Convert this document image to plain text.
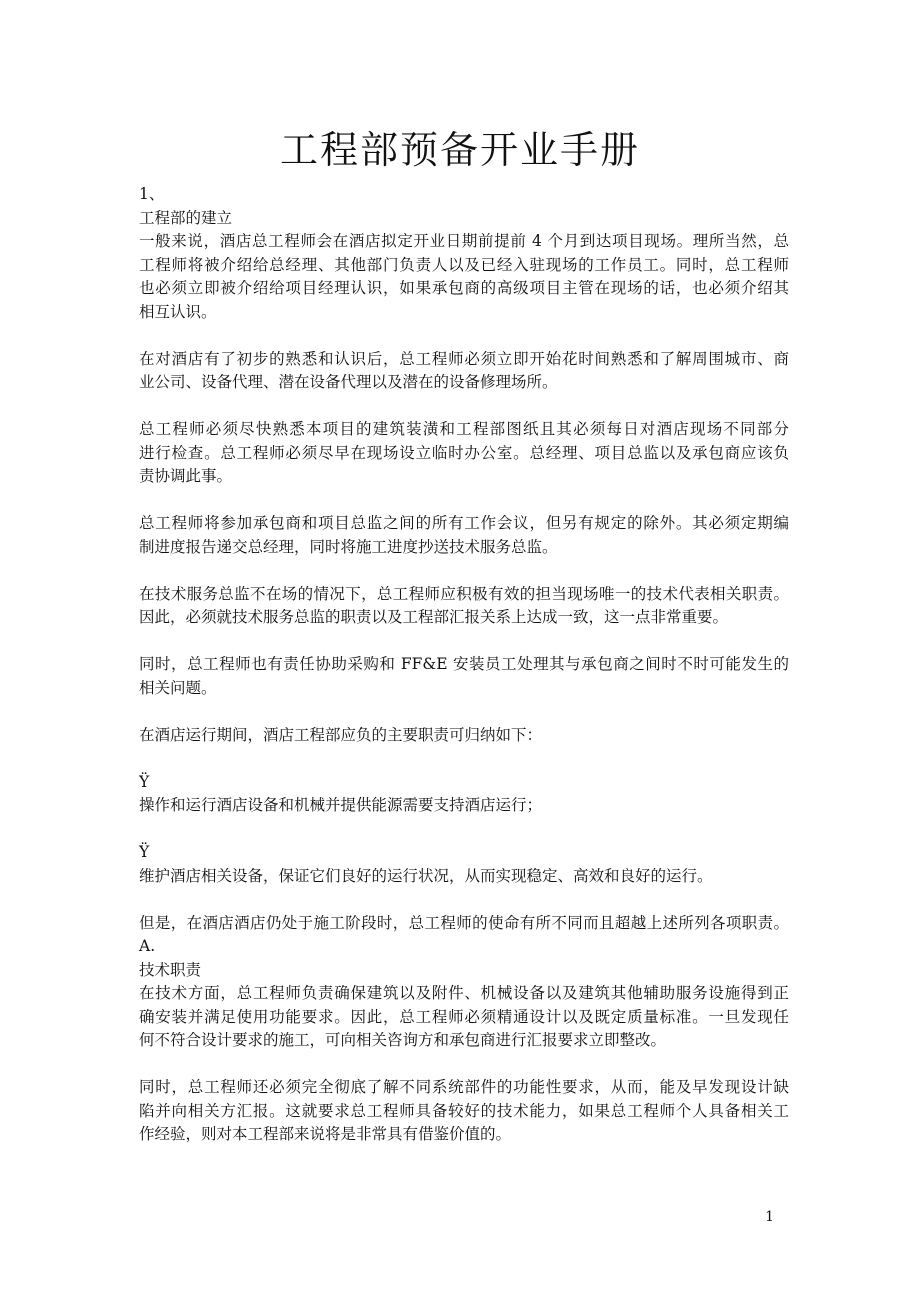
工程部预备开业手册
1、
工程部的建立
一般来说，酒店总工程师会在酒店拟定开业日期前提前 4 个月到达项目现场。理所当然，总
工程师将被介绍给总经理、其他部门负责人以及已经入驻现场的工作员工。同时，总工程师
也必须立即被介绍给项目经理认识，如果承包商的高级项目主管在现场的话，也必须介绍其
相互认识。
在对酒店有了初步的熟悉和认识后，总工程师必须立即开始花时间熟悉和了解周围城市、商
业公司、设备代理、潜在设备代理以及潜在的设备修理场所。
总工程师必须尽快熟悉本项目的建筑装潢和工程部图纸且其必须每日对酒店现场不同部分
进行检查。总工程师必须尽早在现场设立临时办公室。总经理、项目总监以及承包商应该负
责协调此事。
总工程师将参加承包商和项目总监之间的所有工作会议，但另有规定的除外。其必须定期编
制进度报告递交总经理，同时将施工进度抄送技术服务总监。
在技术服务总监不在场的情况下，总工程师应积极有效的担当现场唯一的技术代表相关职责。
因此，必须就技术服务总监的职责以及工程部汇报关系上达成一致，这一点非常重要。
同时，总工程师也有责任协助采购和 FF&E 安装员工处理其与承包商之间时不时可能发生的
相关问题。
在酒店运行期间，酒店工程部应负的主要职责可归纳如下：
Ÿ
操作和运行酒店设备和机械并提供能源需要支持酒店运行；
Ÿ
维护酒店相关设备，保证它们良好的运行状况，从而实现稳定、高效和良好的运行。
但是，在酒店酒店仍处于施工阶段时，总工程师的使命有所不同而且超越上述所列各项职责。
A.
技术职责
在技术方面，总工程师负责确保建筑以及附件、机械设备以及建筑其他辅助服务设施得到正
确安装并满足使用功能要求。因此，总工程师必须精通设计以及既定质量标准。一旦发现任
何不符合设计要求的施工，可向相关咨询方和承包商进行汇报要求立即整改。
同时，总工程师还必须完全彻底了解不同系统部件的功能性要求，从而，能及早发现设计缺
陷并向相关方汇报。这就要求总工程师具备较好的技术能力，如果总工程师个人具备相关工
作经验，则对本工程部来说将是非常具有借鉴价值的。
1
